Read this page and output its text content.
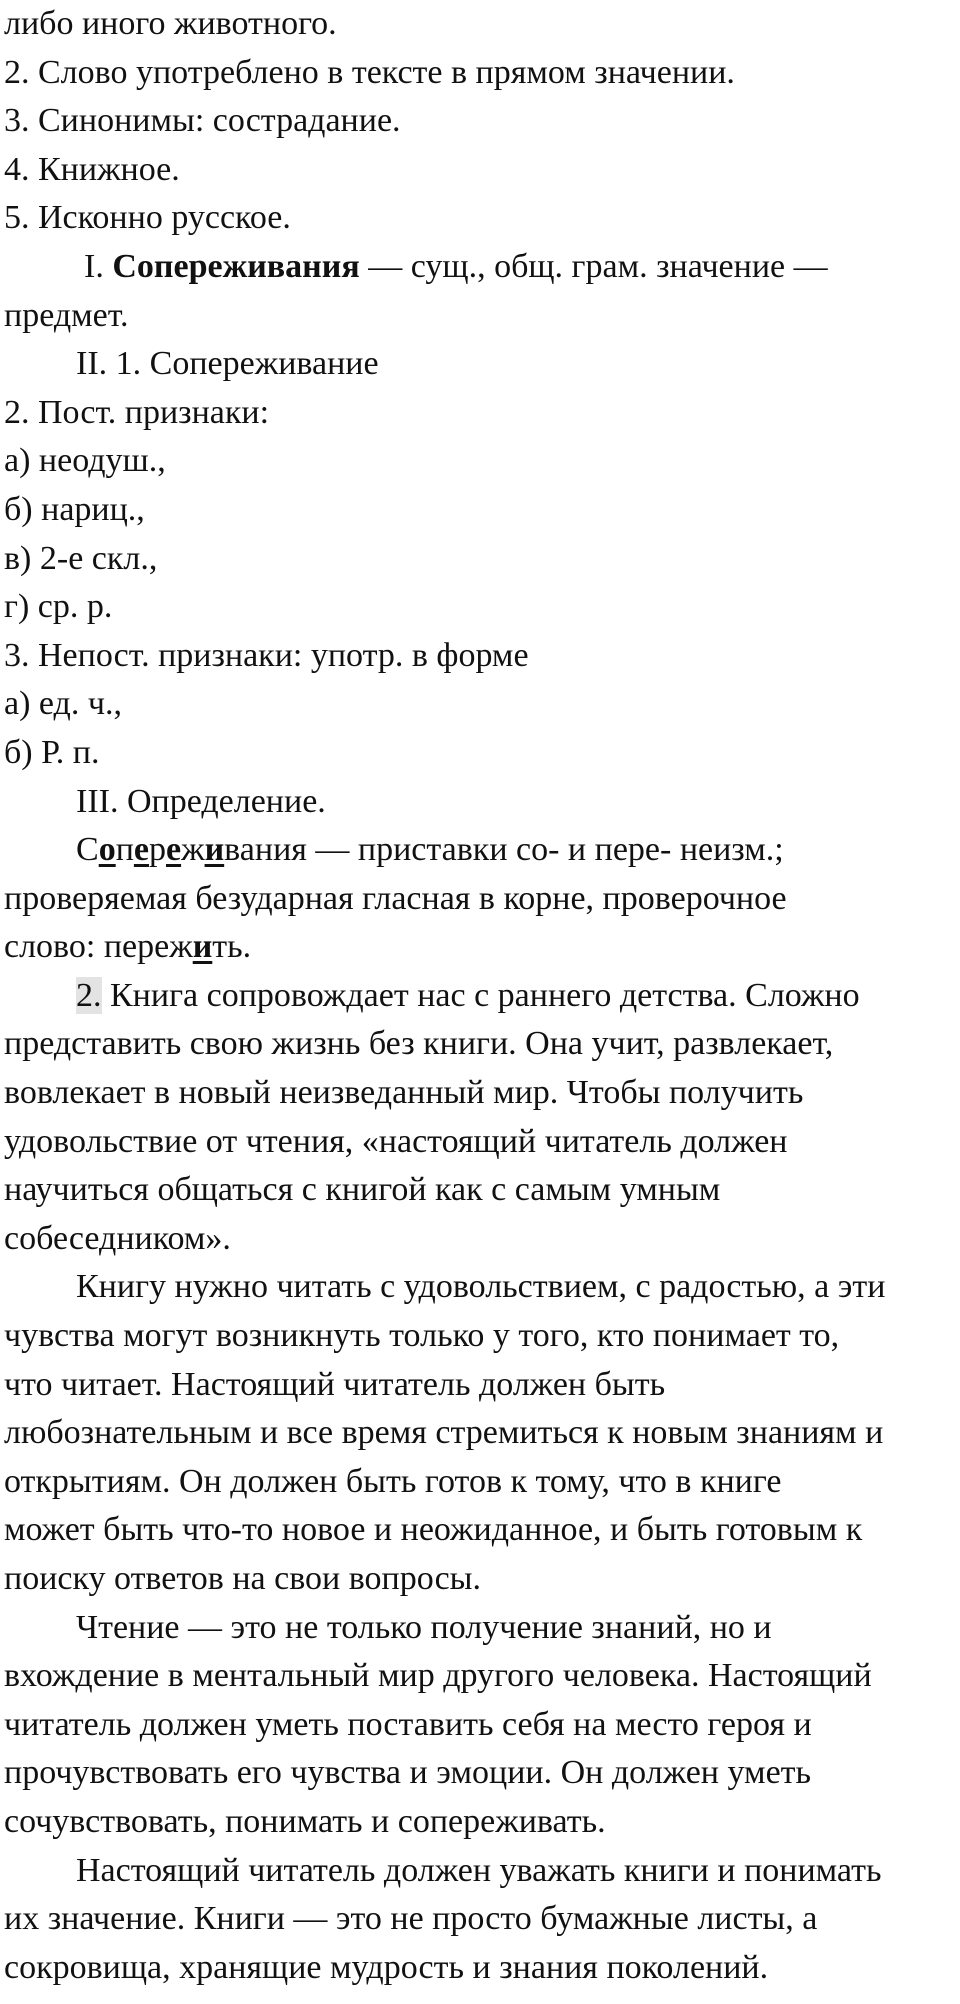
либо иного животного.
2. Слово употреблено в тексте в прямом значении.
3. Синонимы: сострадание.
4. Книжное.
5. Исконно русское.
I. Сопереживания — сущ., общ. грам. значение —
предмет.
II. 1. Сопереживание
2. Пост. признаки:
а) неодуш.,
б) нариц.,
в) 2-е скл.,
г) ср. р.
3. Непост. признаки: употр. в форме
а) ед. ч.,
б) Р. п.
III. Определение.
Сопереживания — приставки со- и пере- неизм.;
проверяемая безударная гласная в корне, проверочное
слово: пережить.
2. Книга сопровождает нас с раннего детства. Сложно
представить свою жизнь без книги. Она учит, развлекает,
вовлекает в новый неизведанный мир. Чтобы получить
удовольствие от чтения, «настоящий читатель должен
научиться общаться с книгой как с самым умным
собеседником».
Книгу нужно читать с удовольствием, с радостью, а эти
чувства могут возникнуть только у того, кто понимает то,
что читает. Настоящий читатель должен быть
любознательным и все время стремиться к новым знаниям и
открытиям. Он должен быть готов к тому, что в книге
может быть что-то новое и неожиданное, и быть готовым к
поиску ответов на свои вопросы.
Чтение — это не только получение знаний, но и
вхождение в ментальный мир другого человека. Настоящий
читатель должен уметь поставить себя на место героя и
прочувствовать его чувства и эмоции. Он должен уметь
сочувствовать, понимать и сопереживать.
Настоящий читатель должен уважать книги и понимать
их значение. Книги — это не просто бумажные листы, а
сокровища, хранящие мудрость и знания поколений.
